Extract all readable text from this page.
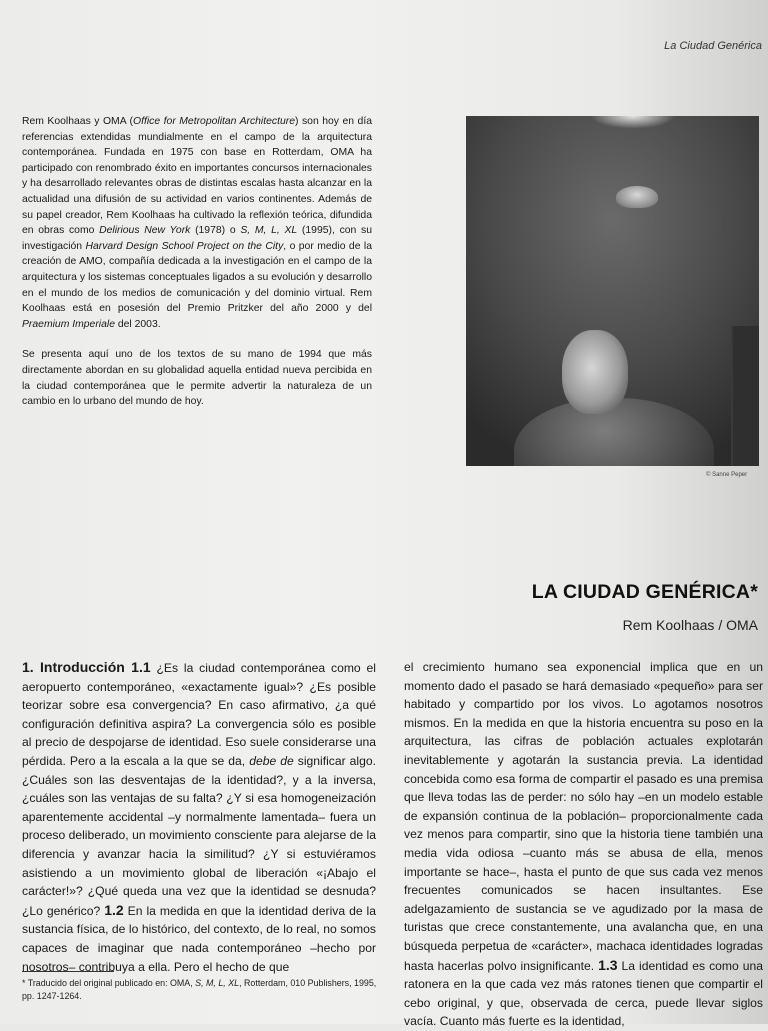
La Ciudad Genérica

Rem Koolhaas y OMA (Office for Metropolitan Architecture) son hoy en día referencias extendidas mundialmente en el campo de la arquitectura contemporánea. Fundada en 1975 con base en Rotterdam, OMA ha participado con renombrado éxito en importantes concursos internacionales y ha desarrollado relevantes obras de distintas escalas hasta alcanzar en la actualidad una difusión de su actividad en varios continentes. Además de su papel creador, Rem Koolhaas ha cultivado la reflexión teórica, difundida en obras como Delirious New York (1978) o S, M, L, XL (1995), con su investigación Harvard Design School Project on the City, o por medio de la creación de AMO, compañía dedicada a la investigación en el campo de la arquitectura y los sistemas conceptuales ligados a su evolución y desarrollo en el mundo de los medios de comunicación y del dominio virtual. Rem Koolhaas está en posesión del Premio Pritzker del año 2000 y del Praemium Imperiale del 2003.

Se presenta aquí uno de los textos de su mano de 1994 que más directamente abordan en su globalidad aquella entidad nueva percibida en la ciudad contemporánea que le permite advertir la naturaleza de un cambio en lo urbano del mundo de hoy.

© Sanne Peper
LA CIUDAD GENÉRICA*
Rem Koolhaas / OMA

1. Introducción 1.1 ¿Es la ciudad contemporánea como el aeropuerto contemporáneo, «exactamente igual»? ¿Es posible teorizar sobre esa convergencia? En caso afirmativo, ¿a qué configuración definitiva aspira? La convergencia sólo es posible al precio de despojarse de identidad. Eso suele considerarse una pérdida. Pero a la escala a la que se da, debe de significar algo. ¿Cuáles son las desventajas de la identidad?, y a la inversa, ¿cuáles son las ventajas de su falta? ¿Y si esa homogeneización aparentemente accidental –y normalmente lamentada– fuera un proceso deliberado, un movimiento consciente para alejarse de la diferencia y avanzar hacia la similitud? ¿Y si estuviéramos asistiendo a un movimiento global de liberación «¡Abajo el carácter!»? ¿Qué queda una vez que la identidad se desnuda? ¿Lo genérico? 1.2 En la medida en que la identidad deriva de la sustancia física, de lo histórico, del contexto, de lo real, no somos capaces de imaginar que nada contemporáneo –hecho por nosotros– contribuya a ella. Pero el hecho de que

el crecimiento humano sea exponencial implica que en un momento dado el pasado se hará demasiado «pequeño» para ser habitado y compartido por los vivos. Lo agotamos nosotros mismos. En la medida en que la historia encuentra su poso en la arquitectura, las cifras de población actuales explotarán inevitablemente y agotarán la sustancia previa. La identidad concebida como esa forma de compartir el pasado es una premisa que lleva todas las de perder: no sólo hay –en un modelo estable de expansión continua de la población– proporcionalmente cada vez menos para compartir, sino que la historia tiene también una media vida odiosa –cuanto más se abusa de ella, menos importante se hace–, hasta el punto de que sus cada vez menos frecuentes comunicados se hacen insultantes. Ese adelgazamiento de sustancia se ve agudizado por la masa de turistas que crece constantemente, una avalancha que, en una búsqueda perpetua de «carácter», machaca identidades logradas hasta hacerlas polvo insignificante. 1.3 La identidad es como una ratonera en la que cada vez más ratones tienen que compartir el cebo original, y que, observada de cerca, puede llevar siglos vacía. Cuanto más fuerte es la identidad,

* Traducido del original publicado en: OMA, S, M, L, XL, Rotterdam, 010 Publishers, 1995, pp. 1247-1264.
